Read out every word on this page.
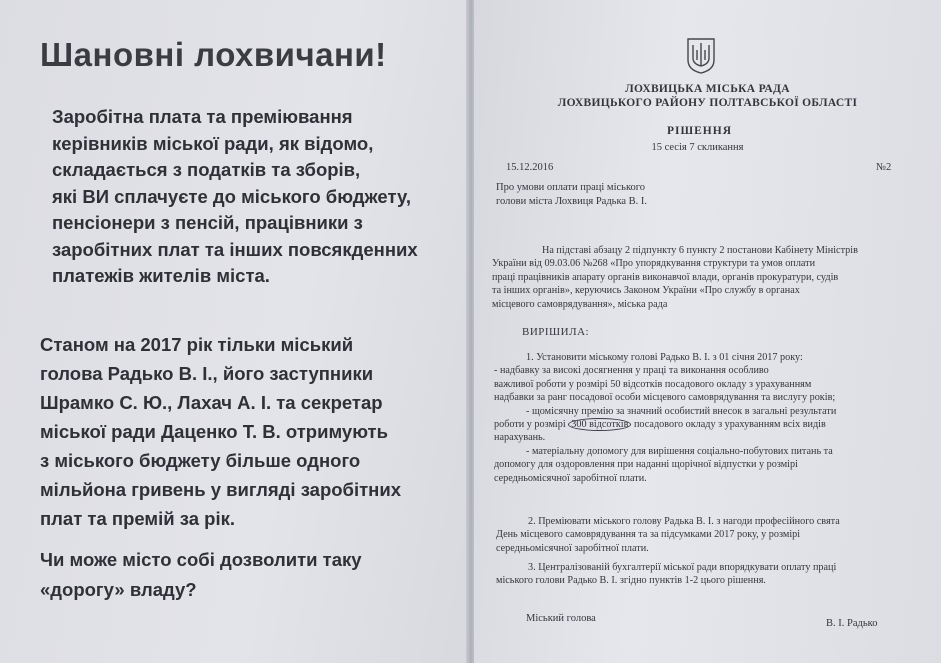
Шановні лохвичани!
Заробітна плата та преміювання
керівників міської ради, як відомо,
складається з податків та зборів,
які ВИ сплачуєте до міського бюджету,
пенсіонери з пенсій, працівники з
заробітних плат та інших повсякденних
платежів жителів міста.
Станом на 2017 рік тільки міський
голова Радько В. І., його заступники
Шрамко С. Ю., Лахач А. І. та секретар
міської ради Даценко Т. В. отримують
з міського бюджету більше одного
мільйона гривень у вигляді заробітних
плат та премій за рік.
Чи може місто собі дозволити таку
«дорогу» владу?
ЛОХВИЦЬКА МІСЬКА РАДА
ЛОХВИЦЬКОГО РАЙОНУ ПОЛТАВСЬКОЇ ОБЛАСТІ
РІШЕННЯ
15 сесія 7 скликання
15.12.2016	№2
Про умови оплати праці міського
голови міста Лохвиця Радька В. І.
На підставі абзацу 2 підпункту 6 пункту 2 постанови Кабінету Міністрів
України від 09.03.06 №268 «Про упорядкування структури та умов оплати
праці працівників апарату органів виконавчої влади, органів прокуратури, судів
та інших органів», керуючись Законом України «Про службу в органах
місцевого самоврядування», міська рада
ВИРІШИЛА:
1. Установити міському голові Радько В. І. з 01 січня 2017 року:
- надбавку за високі досягнення у праці та виконання особливо
важливої роботи у розмірі 50 відсотків посадового окладу з урахуванням
надбавки за ранг посадової особи місцевого самоврядування та вислугу років;
- щомісячну премію за значний особистий внесок в загальні результати
роботи у розмірі 300 відсотків посадового окладу з урахуванням всіх видів
нарахувань.
- матеріальну допомогу для вирішення соціально-побутових питань та
допомогу для оздоровлення при наданні щорічної відпустки у розмірі
середньомісячної заробітної плати.
2. Преміювати міського голову Радька В. І. з нагоди професійного свята
День місцевого самоврядування та за підсумками 2017 року, у розмірі
середньомісячної заробітної плати.
3. Централізованій бухгалтерії міської ради впорядкувати оплату праці
міського голови Радько В. І. згідно пунктів 1-2 цього рішення.
Міський голова	В. І. Радько
